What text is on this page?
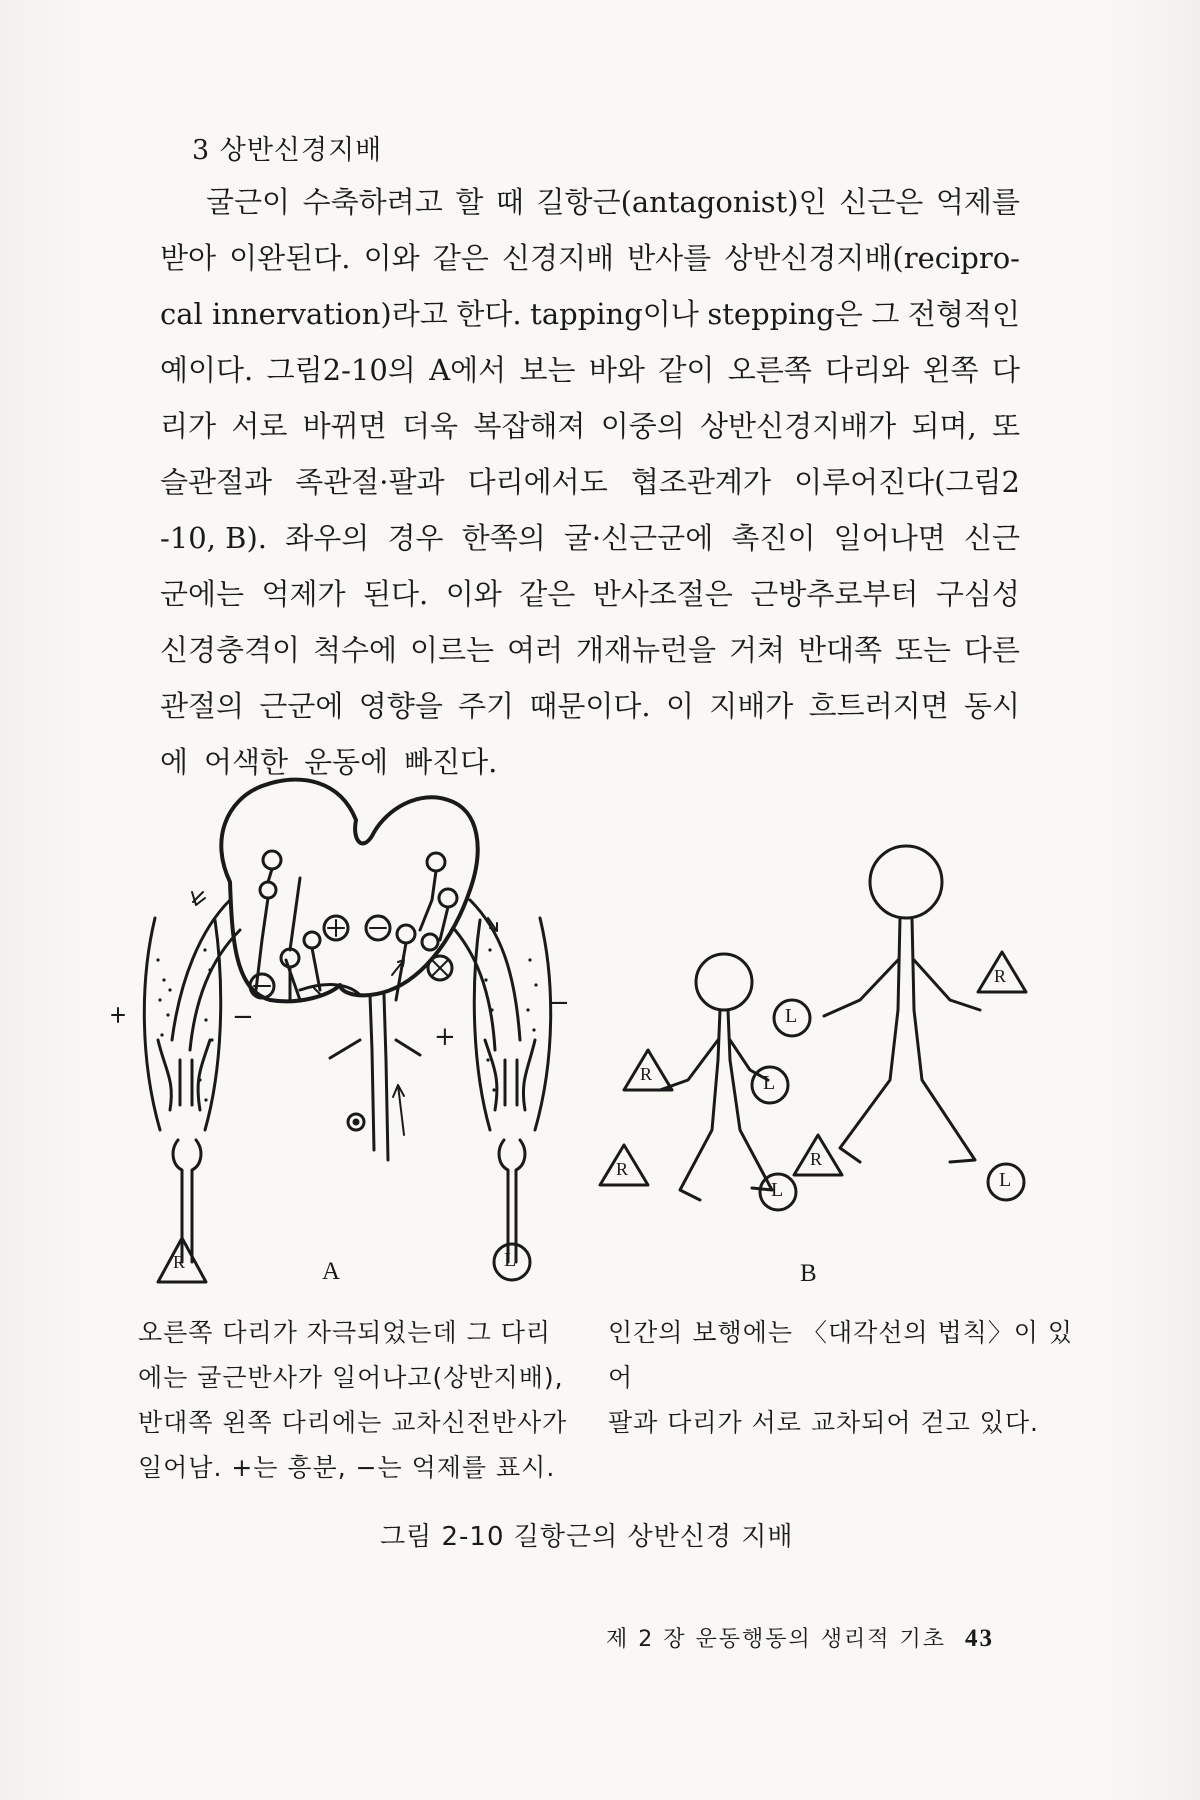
3 상반신경지배
굴근이 수축하려고 할 때 길항근(antagonist)인 신근은 억제를
받아 이완된다. 이와 같은 신경지배 반사를 상반신경지배(recipro-
cal innervation)라고 한다. tapping이나 stepping은 그 전형적인
예이다. 그림2-10의 A에서 보는 바와 같이 오른쪽 다리와 왼쪽 다
리가 서로 바뀌면 더욱 복잡해져 이중의 상반신경지배가 되며, 또
슬관절과 족관절·팔과 다리에서도 협조관계가 이루어진다(그림2
-10, B). 좌우의 경우 한쪽의 굴·신근군에 촉진이 일어나면 신근
군에는 억제가 된다. 이와 같은 반사조절은 근방추로부터 구심성
신경충격이 척수에 이르는 여러 개재뉴런을 거쳐 반대쪽 또는 다른
관절의 근군에 영향을 주기 때문이다. 이 지배가 흐트러지면 동시
에 어색한 운동에 빠진다.
R	L
R
R	R
R
L
L
L	L
−	−
+
A	B
오른쪽 다리가 자극되었는데 그 다리
에는 굴근반사가 일어나고(상반지배),
반대쪽 왼쪽 다리에는 교차신전반사가
일어남. +는 흥분, −는 억제를 표시.
인간의 보행에는 〈대각선의 법칙〉이 있어
팔과 다리가 서로 교차되어 걷고 있다.
그림 2-10 길항근의 상반신경 지배
제 2 장 운동행동의 생리적 기초 43
